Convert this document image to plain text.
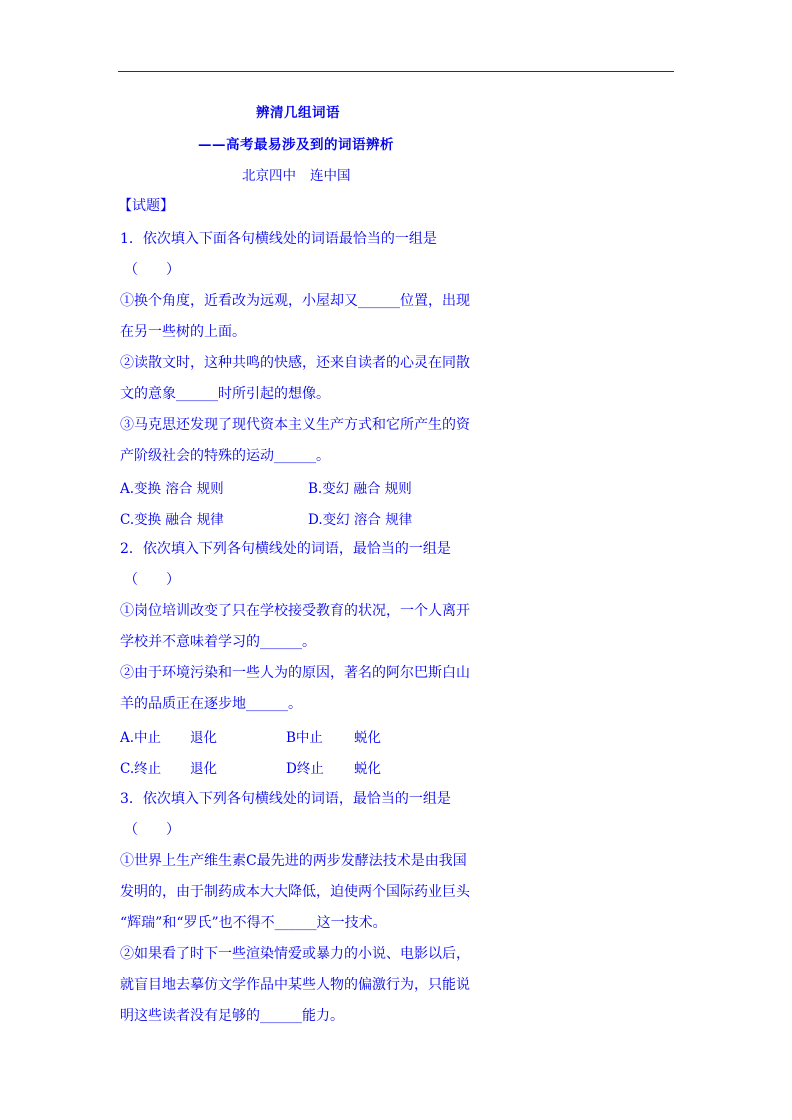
辨清几组词语
——高考最易涉及到的词语辨析
北京四中 连中国
【试题】
1．依次填入下面各句横线处的词语最恰当的一组是
（　　）
①换个角度，近看改为远观，小屋却又______位置，出现
在另一些树的上面。
②读散文时，这种共鸣的快感，还来自读者的心灵在同散
文的意象______时所引起的想像。
③马克思还发现了现代资本主义生产方式和它所产生的资
产阶级社会的特殊的运动______。
A.变换 溶合 规则	B.变幻 融合 规则
C.变换 融合 规律	D.变幻 溶合 规律
2．依次填入下列各句横线处的词语，最恰当的一组是
（　　）
①岗位培训改变了只在学校接受教育的状况，一个人离开
学校并不意味着学习的______。
②由于环境污染和一些人为的原因，著名的阿尔巴斯白山
羊的品质正在逐步地______。
A.中止 退化	B中止 蜕化
C.终止 退化	D终止 蜕化
3．依次填入下列各句横线处的词语，最恰当的一组是
（　　）
①世界上生产维生素C最先进的两步发酵法技术是由我国
发明的，由于制药成本大大降低，迫使两个国际药业巨头
“辉瑞”和“罗氏”也不得不______这一技术。
②如果看了时下一些渲染情爱或暴力的小说、电影以后，
就盲目地去摹仿文学作品中某些人物的偏激行为，只能说
明这些读者没有足够的______能力。
